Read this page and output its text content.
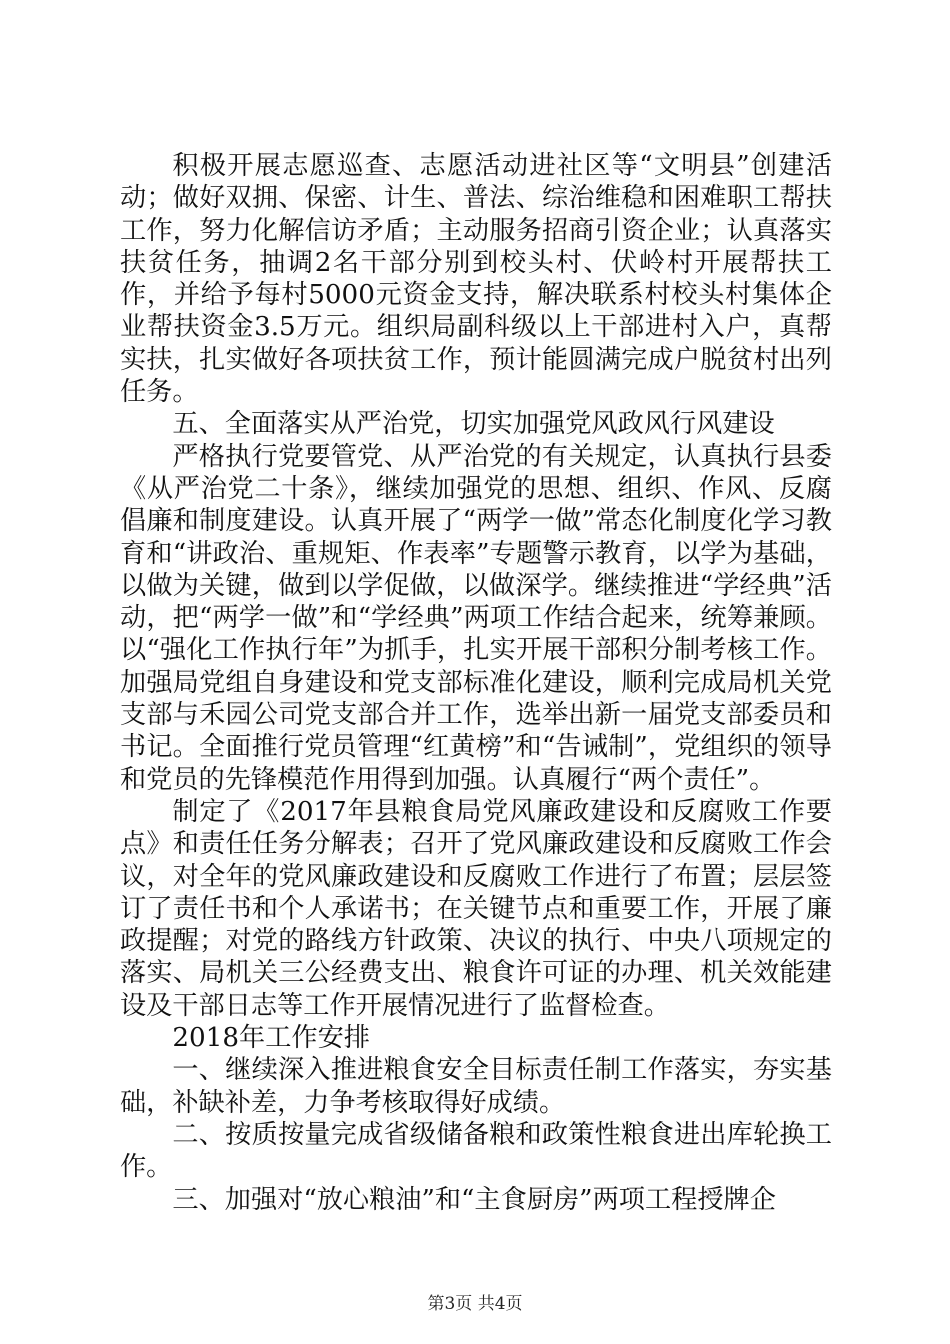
积极开展志愿巡查、志愿活动进社区等“文明县”创建活动；做好双拥、保密、计生、普法、综治维稳和困难职工帮扶工作，努力化解信访矛盾；主动服务招商引资企业；认真落实扶贫任务，抽调2名干部分别到校头村、伏岭村开展帮扶工作，并给予每村5000元资金支持，解决联系村校头村集体企业帮扶资金3.5万元。组织局副科级以上干部进村入户，真帮实扶，扎实做好各项扶贫工作，预计能圆满完成户脱贫村出列任务。

五、全面落实从严治党，切实加强党风政风行风建设

严格执行党要管党、从严治党的有关规定，认真执行县委《从严治党二十条》，继续加强党的思想、组织、作风、反腐倡廉和制度建设。认真开展了“两学一做”常态化制度化学习教育和“讲政治、重规矩、作表率”专题警示教育，以学为基础，以做为关键，做到以学促做，以做深学。继续推进“学经典”活动，把“两学一做”和“学经典”两项工作结合起来，统筹兼顾。以“强化工作执行年”为抓手，扎实开展干部积分制考核工作。加强局党组自身建设和党支部标准化建设，顺利完成局机关党支部与禾园公司党支部合并工作，选举出新一届党支部委员和书记。全面推行党员管理“红黄榜”和“告诫制”，党组织的领导和党员的先锋模范作用得到加强。认真履行“两个责任”。

制定了《2017年县粮食局党风廉政建设和反腐败工作要点》和责任任务分解表；召开了党风廉政建设和反腐败工作会议，对全年的党风廉政建设和反腐败工作进行了布置；层层签订了责任书和个人承诺书；在关键节点和重要工作，开展了廉政提醒；对党的路线方针政策、决议的执行、中央八项规定的落实、局机关三公经费支出、粮食许可证的办理、机关效能建设及干部日志等工作开展情况进行了监督检查。

2018年工作安排

一、继续深入推进粮食安全目标责任制工作落实，夯实基础，补缺补差，力争考核取得好成绩。

二、按质按量完成省级储备粮和政策性粮食进出库轮换工作。

三、加强对“放心粮油”和“主食厨房”两项工程授牌企

第3页 共4页
